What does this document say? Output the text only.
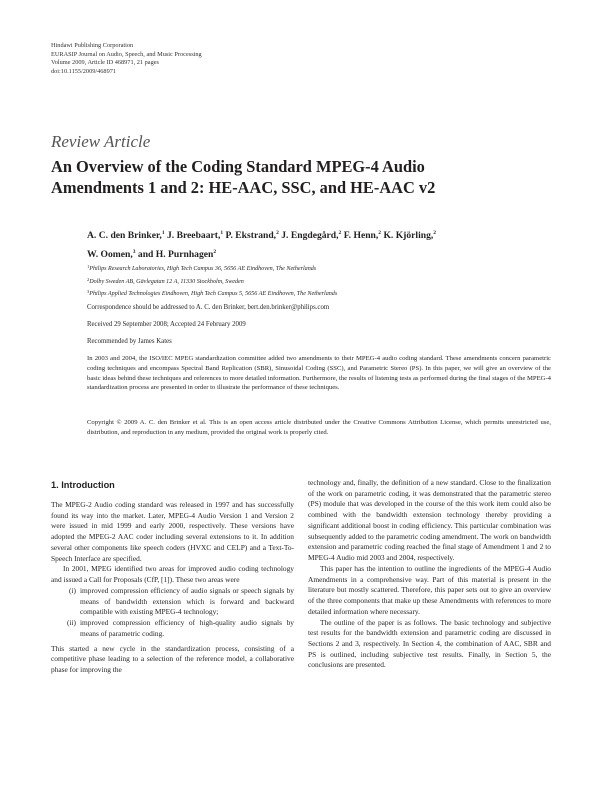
Hindawi Publishing Corporation
EURASIP Journal on Audio, Speech, and Music Processing
Volume 2009, Article ID 468971, 21 pages
doi:10.1155/2009/468971
Review Article
An Overview of the Coding Standard MPEG-4 Audio
Amendments 1 and 2: HE-AAC, SSC, and HE-AAC v2
A. C. den Brinker,$^1$ J. Breebaart,$^1$ P. Ekstrand,$^2$ J. Engdegård,$^2$ F. Henn,$^2$ K. Kjörling,$^2$
W. Oomen,$^3$ and H. Purnhagen$^2$
$^1$Philips Research Laboratories, High Tech Campus 36, 5656 AE Eindhoven, The Netherlands
$^2$Dolby Sweden AB, Gävlegatan 12 A, 11330 Stockholm, Sweden
$^3$Philips Applied Technologies Eindhoven, High Tech Campus 5, 5656 AE Eindhoven, The Netherlands
Correspondence should be addressed to A. C. den Brinker, bert.den.brinker@philips.com
Received 29 September 2008; Accepted 24 February 2009
Recommended by James Kates
In 2003 and 2004, the ISO/IEC MPEG standardization committee added two amendments to their MPEG-4 audio coding standard. These amendments concern parametric coding techniques and encompass Spectral Band Replication (SBR), Sinusoidal Coding (SSC), and Parametric Stereo (PS). In this paper, we will give an overview of the basic ideas behind these techniques and references to more detailed information. Furthermore, the results of listening tests as performed during the final stages of the MPEG-4 standardization process are presented in order to illustrate the performance of these techniques.
Copyright © 2009 A. C. den Brinker et al. This is an open access article distributed under the Creative Commons Attribution License, which permits unrestricted use, distribution, and reproduction in any medium, provided the original work is properly cited.
1. Introduction

The MPEG-2 Audio coding standard was released in 1997 and has successfully found its way into the market. Later, MPEG-4 Audio Version 1 and Version 2 were issued in mid 1999 and early 2000, respectively. These versions have adopted the MPEG-2 AAC coder including several extensions to it. In addition several other components like speech coders (HVXC and CELP) and a Text-To-Speech Interface are specified.

In 2001, MPEG identified two areas for improved audio coding technology and issued a Call for Proposals (CfP, [1]). These two areas were

(i) improved compression efficiency of audio signals or speech signals by means of bandwidth extension which is forward and backward compatible with existing MPEG-4 technology;
(ii) improved compression efficiency of high-quality audio signals by means of parametric coding.

This started a new cycle in the standardization process, consisting of a competitive phase leading to a selection of the reference model, a collaborative phase for improving the

technology and, finally, the definition of a new standard. Close to the finalization of the work on parametric coding, it was demonstrated that the parametric stereo (PS) module that was developed in the course of the this work item could also be combined with the bandwidth extension technology thereby providing a significant additional boost in coding efficiency. This particular combination was subsequently added to the parametric coding amendment. The work on bandwidth extension and parametric coding reached the final stage of Amendment 1 and 2 to MPEG-4 Audio mid 2003 and 2004, respectively.

This paper has the intention to outline the ingredients of the MPEG-4 Audio Amendments in a comprehensive way. Part of this material is present in the literature but mostly scattered. Therefore, this paper sets out to give an overview of the three components that make up these Amendments with references to more detailed information where necessary.

The outline of the paper is as follows. The basic technology and subjective test results for the bandwidth extension and parametric coding are discussed in Sections 2 and 3, respectively. In Section 4, the combination of AAC, SBR and PS is outlined, including subjective test results. Finally, in Section 5, the conclusions are presented.
